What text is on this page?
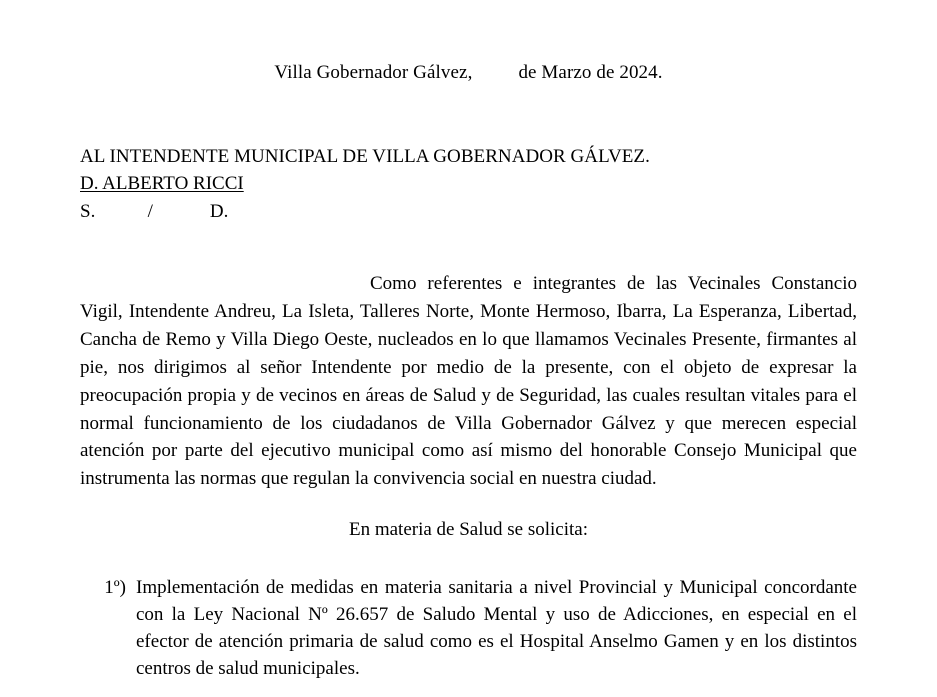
Villa Gobernador Gálvez, de Marzo de 2024.
AL INTENDENTE MUNICIPAL DE VILLA GOBERNADOR GÁLVEZ.
D. ALBERTO RICCI
S.           /            D.
Como referentes e integrantes de las Vecinales Constancio Vigil, Intendente Andreu, La Isleta, Talleres Norte, Monte Hermoso, Ibarra, La Esperanza, Libertad, Cancha de Remo y Villa Diego Oeste, nucleados en lo que llamamos Vecinales Presente, firmantes al pie, nos dirigimos al señor Intendente por medio de la presente, con el objeto de expresar la preocupación propia y de vecinos en áreas de Salud y de Seguridad, las cuales resultan vitales para el normal funcionamiento de los ciudadanos de Villa Gobernador Gálvez y que merecen especial atención por parte del ejecutivo municipal como así mismo del honorable Consejo Municipal que instrumenta las normas que regulan la convivencia social en nuestra ciudad.
En materia de Salud se solicita:
1º) Implementación de medidas en materia sanitaria a nivel Provincial y Municipal concordante con la Ley Nacional Nº 26.657 de Saludo Mental y uso de Adicciones, en especial en el efector de atención primaria de salud como es el Hospital Anselmo Gamen y en los distintos centros de salud municipales.
